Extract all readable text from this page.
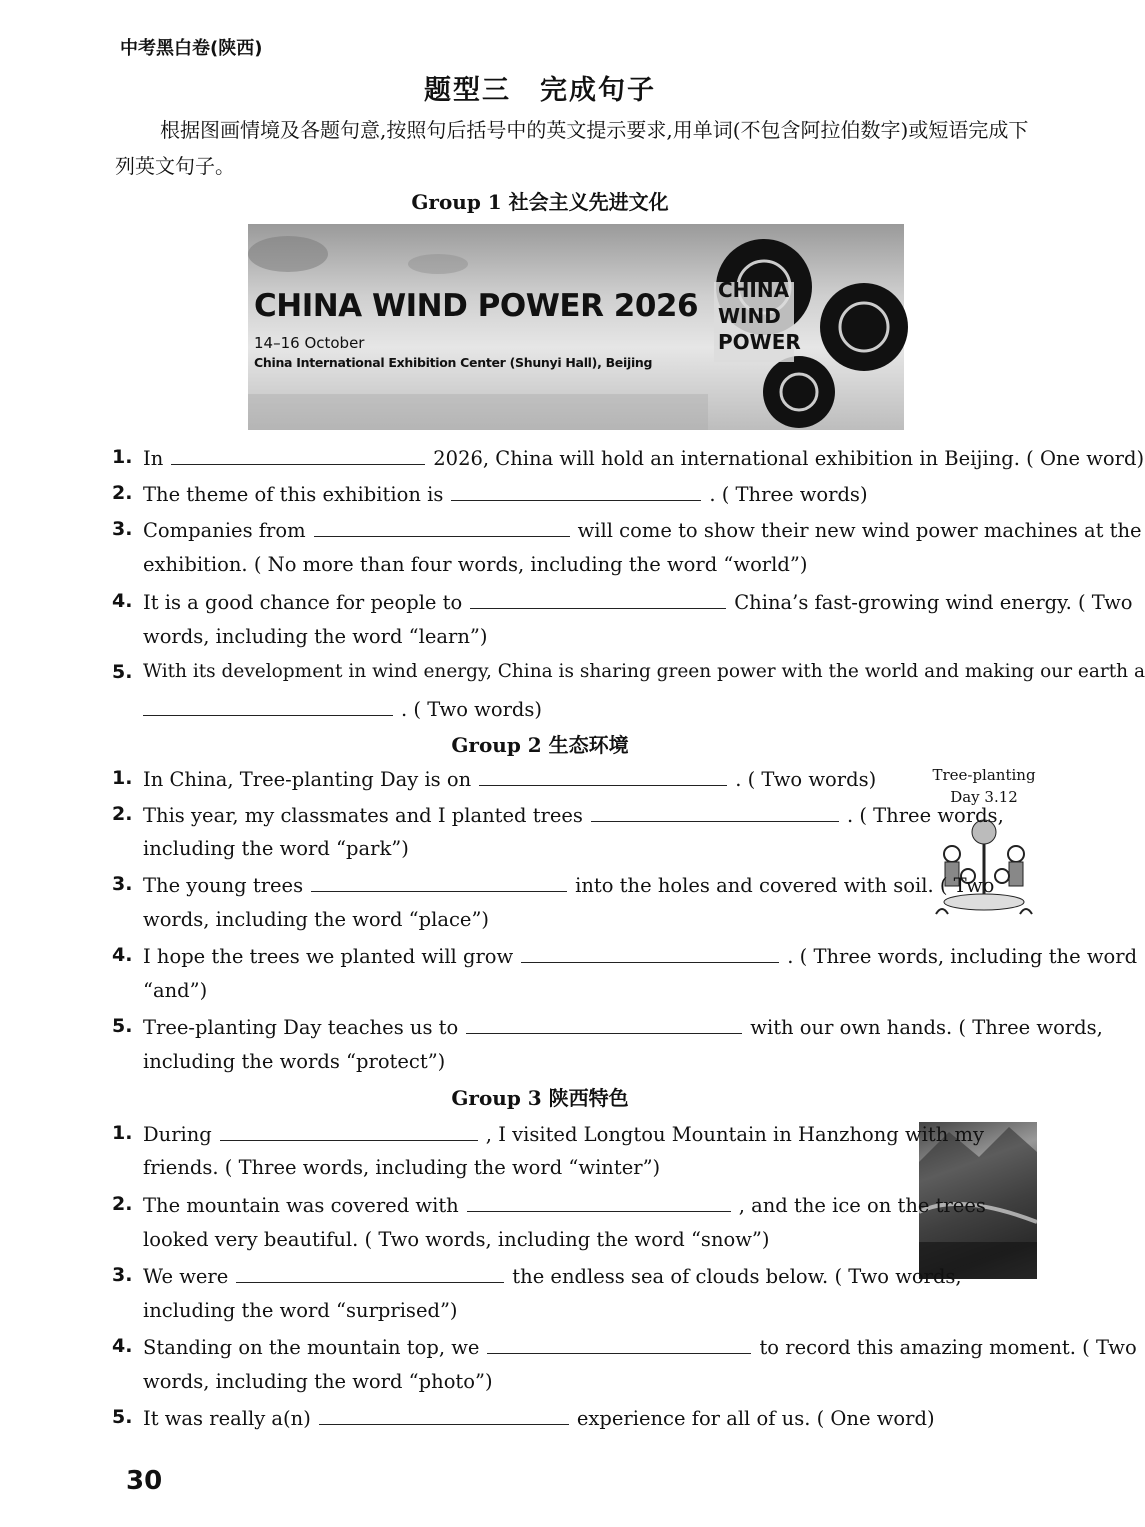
中考黑白卷(陕西)
题型三　完成句子
根据图画情境及各题句意,按照句后括号中的英文提示要求,用单词(不包含阿拉伯数字)或短语完成下列英文句子。
Group 1 社会主义先进文化
CHINA WIND POWER 2026
14–16 October
China International Exhibition Center (Shunyi Hall), Beijing
CHINA
WIND
POWER
1. In	2026, China will hold an international exhibition in Beijing. ( One word)
2. The theme of this exhibition is	. ( Three words)
3. Companies from	will come to show their new wind power machines at the
exhibition. ( No more than four words, including the word “world”)
4. It is a good chance for people to	China’s fast-growing wind energy. ( Two
words, including the word “learn”)
5. With its development in wind energy, China is sharing green power with the world and making our earth a
. ( Two words)
Group 2 生态环境
Tree-planting
Day 3.12
1. In China, Tree-planting Day is on	. ( Two words)
2. This year, my classmates and I planted trees	. ( Three words,
including the word “park”)
3. The young trees	into the holes and covered with soil. ( Two
words, including the word “place”)
4. I hope the trees we planted will grow	. ( Three words, including the word
“and”)
5. Tree-planting Day teaches us to	with our own hands. ( Three words,
including the words “protect”)
Group 3 陕西特色
1. During	, I visited Longtou Mountain in Hanzhong with my
friends. ( Three words, including the word “winter”)
2. The mountain was covered with	, and the ice on the trees
looked very beautiful. ( Two words, including the word “snow”)
3. We were	the endless sea of clouds below. ( Two words,
including the word “surprised”)
4. Standing on the mountain top, we	to record this amazing moment. ( Two
words, including the word “photo”)
5. It was really a(n)	experience for all of us. ( One word)
30
